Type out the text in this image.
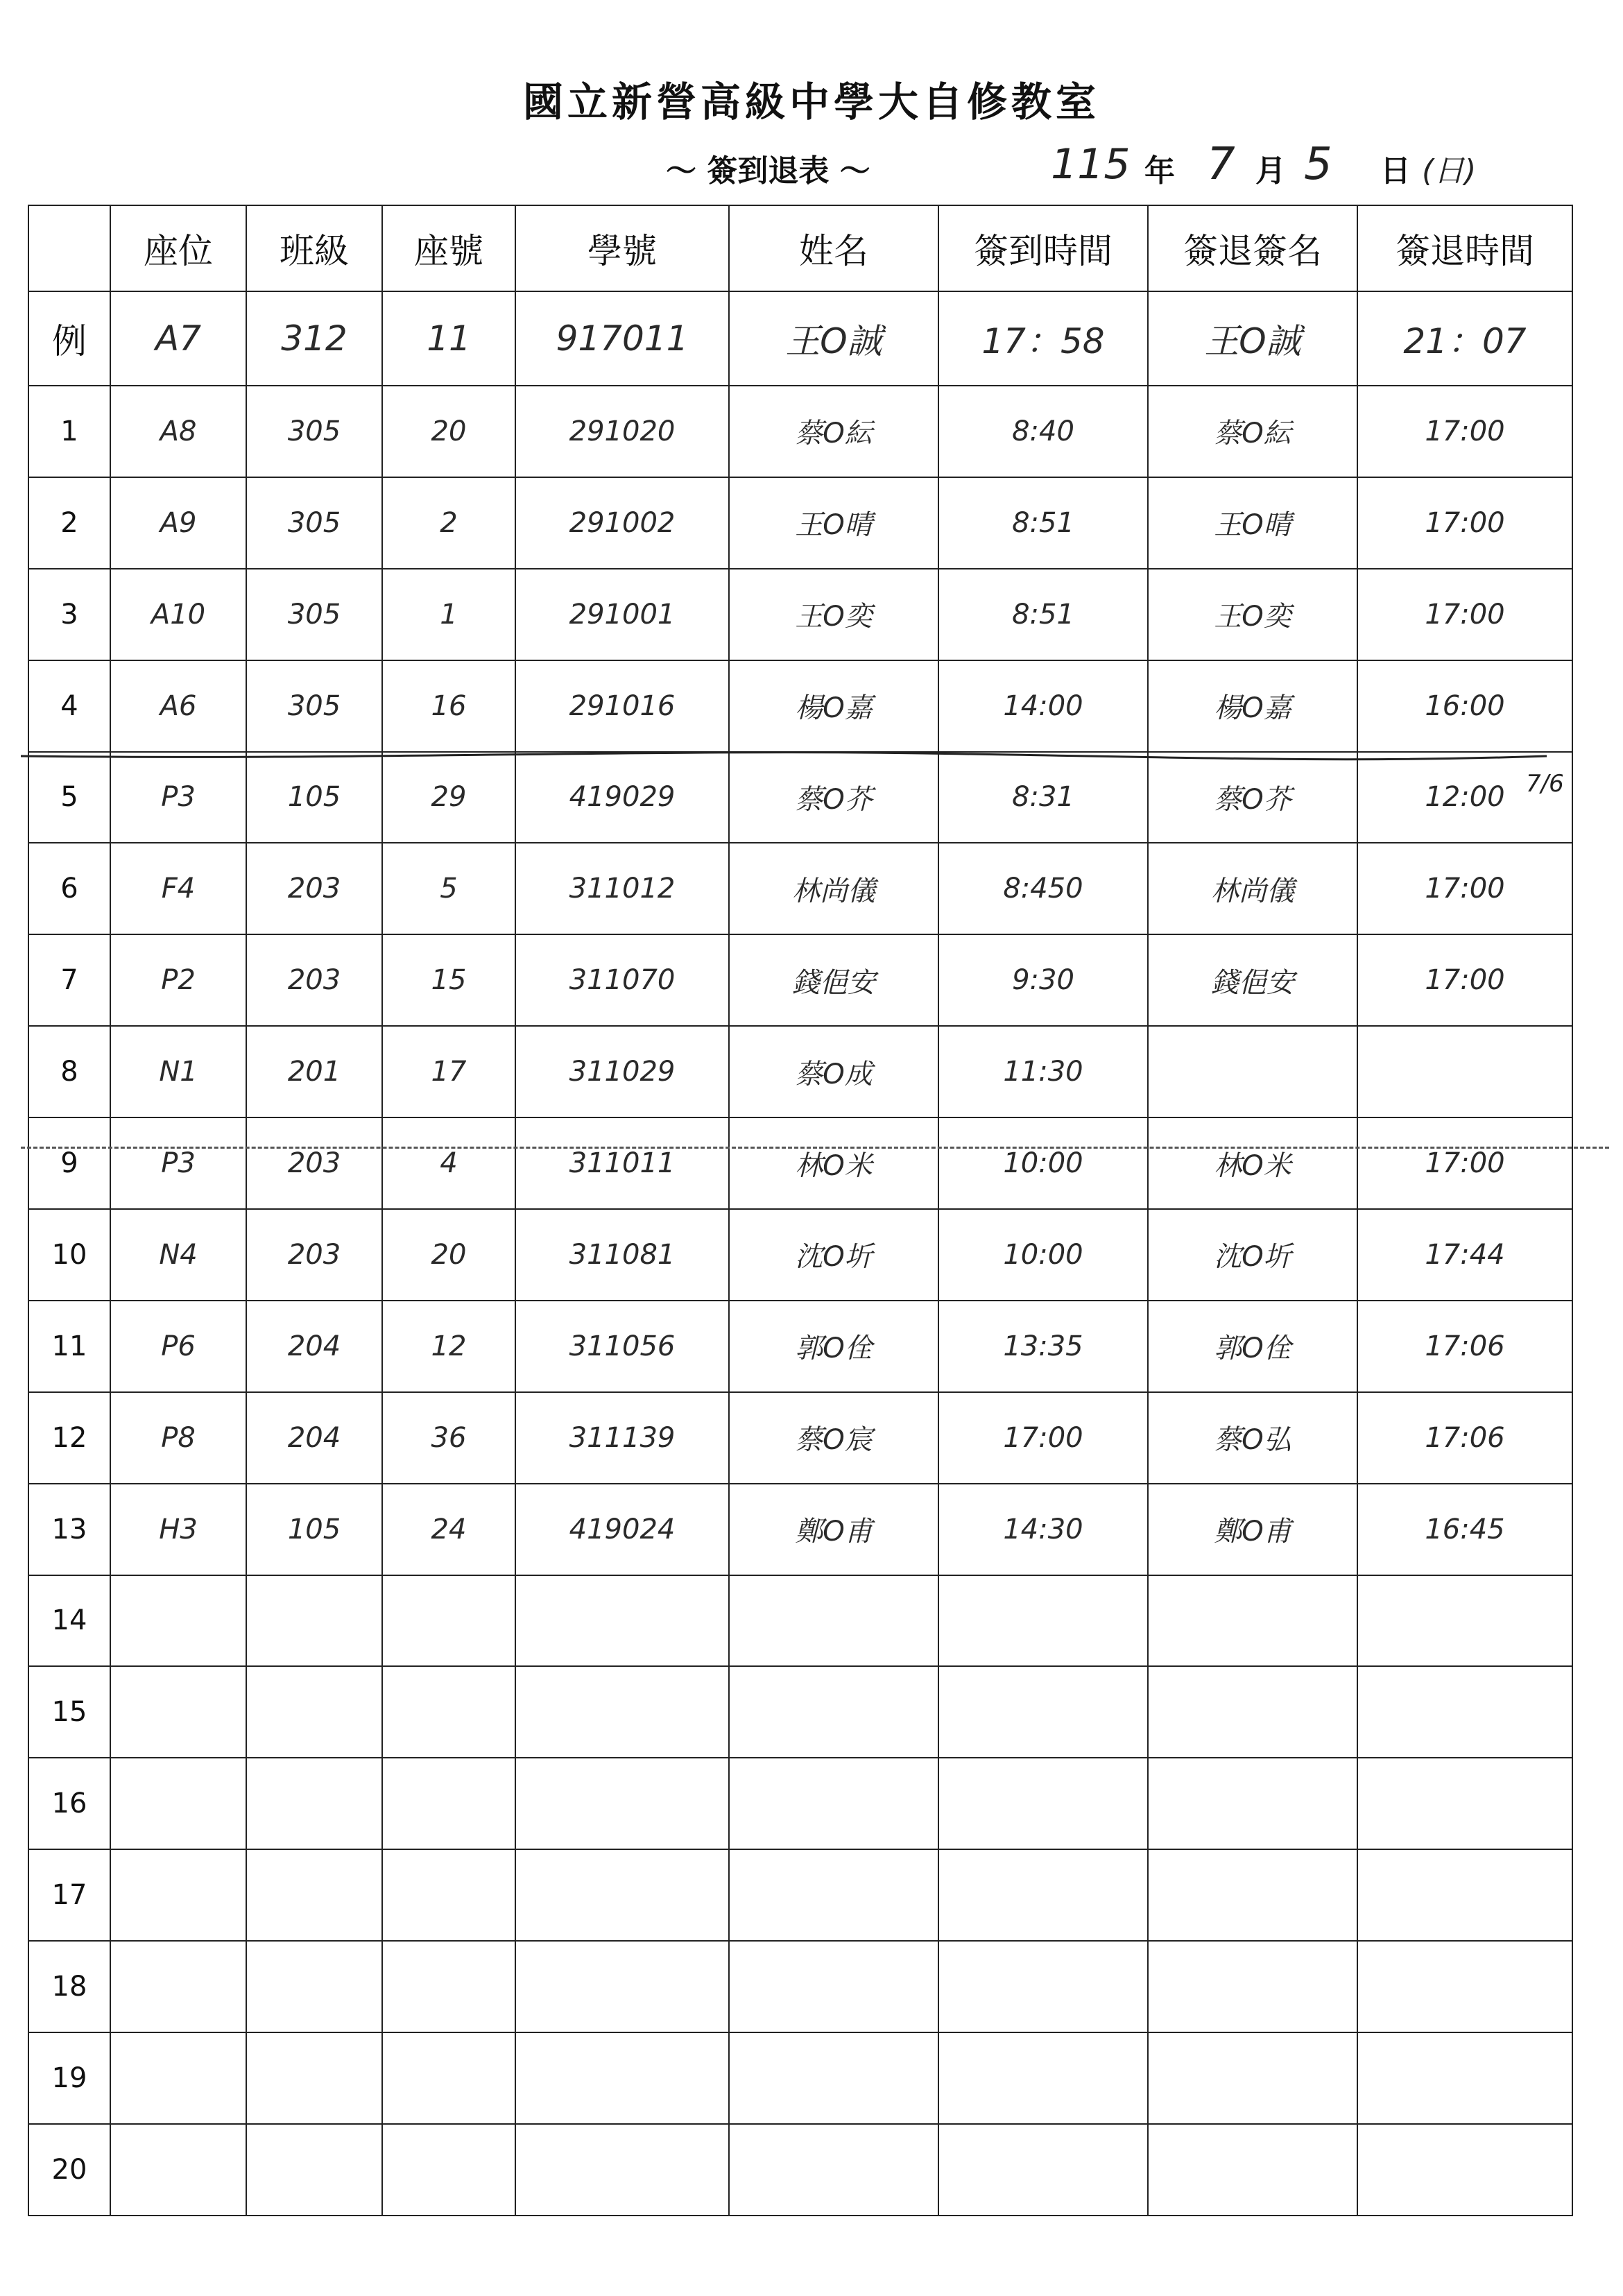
國立新營高級中學大自修教室
～ 簽到退表 ～	115 年 7 月 5 日 (日)
	座位	班級	座號	學號	姓名	簽到時間	簽退簽名	簽退時間
例	A7	312	11	917011	王O誠	17：58	王O誠	21：07
1	A8	305	20	291020	蔡O紜	8:40	蔡O紜	17:00
2	A9	305	2	291002	王O晴	8:51	王O晴	17:00
3	A10	305	1	291001	王O奕	8:51	王O奕	17:00
4	A6	305	16	291016	楊O嘉	14:00	楊O嘉	16:00
5	P3	105	29	419029	蔡O芥	8:31	蔡O芥	12:00
6	F4	203	5	311012	林尚儀	8:450	林尚儀	17:00
7	P2	203	15	311070	錢俋安	9:30	錢俋安	17:00
8	N1	201	17	311029	蔡O成	11:30		
9	P3	203	4	311011	林O米	10:00	林O米	17:00
10	N4	203	20	311081	沈O圻	10:00	沈O圻	17:44
11	P6	204	12	311056	郭O佺	13:35	郭O佺	17:06
12	P8	204	36	311139	蔡O宸	17:00	蔡O弘	17:06
13	H3	105	24	419024	鄭O甫	14:30	鄭O甫	16:45
14								
15								
16								
17								
18								
19								
20								
7/6
